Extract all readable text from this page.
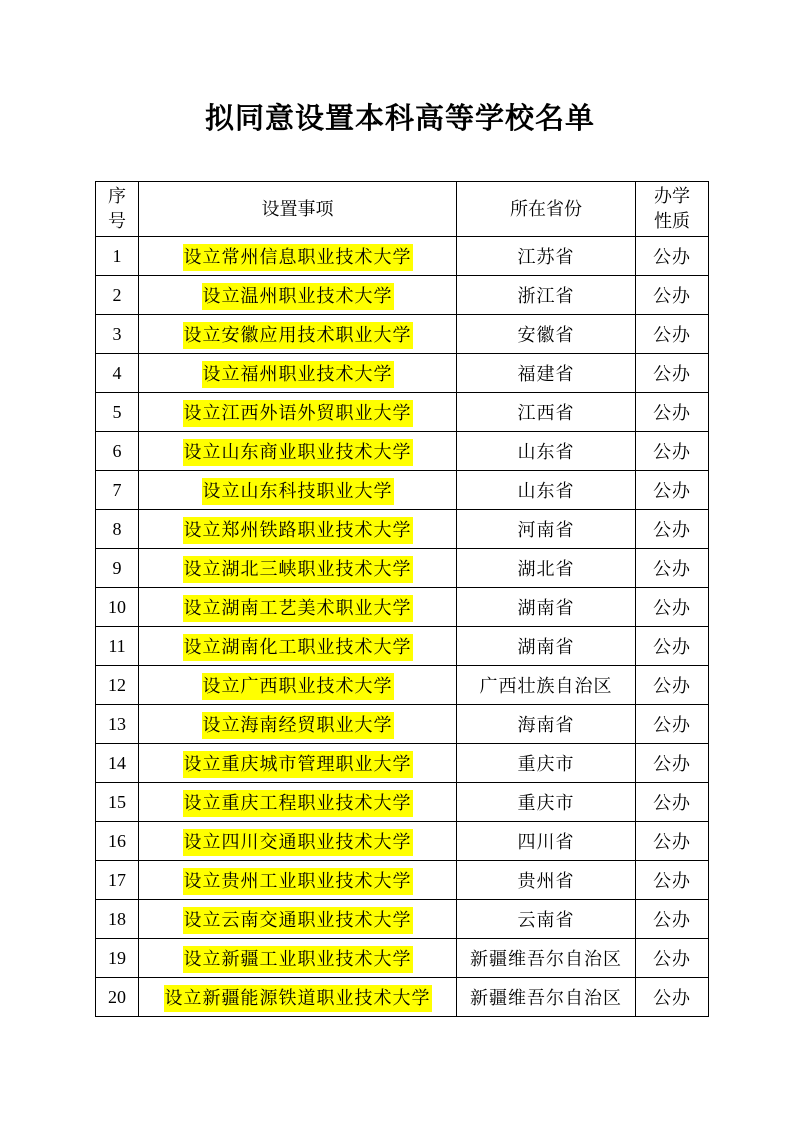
拟同意设置本科高等学校名单
序号	设置事项	所在省份	办学性质
1	设立常州信息职业技术大学	江苏省	公办
2	设立温州职业技术大学	浙江省	公办
3	设立安徽应用技术职业大学	安徽省	公办
4	设立福州职业技术大学	福建省	公办
5	设立江西外语外贸职业大学	江西省	公办
6	设立山东商业职业技术大学	山东省	公办
7	设立山东科技职业大学	山东省	公办
8	设立郑州铁路职业技术大学	河南省	公办
9	设立湖北三峡职业技术大学	湖北省	公办
10	设立湖南工艺美术职业大学	湖南省	公办
11	设立湖南化工职业技术大学	湖南省	公办
12	设立广西职业技术大学	广西壮族自治区	公办
13	设立海南经贸职业大学	海南省	公办
14	设立重庆城市管理职业大学	重庆市	公办
15	设立重庆工程职业技术大学	重庆市	公办
16	设立四川交通职业技术大学	四川省	公办
17	设立贵州工业职业技术大学	贵州省	公办
18	设立云南交通职业技术大学	云南省	公办
19	设立新疆工业职业技术大学	新疆维吾尔自治区	公办
20	设立新疆能源铁道职业技术大学	新疆维吾尔自治区	公办
